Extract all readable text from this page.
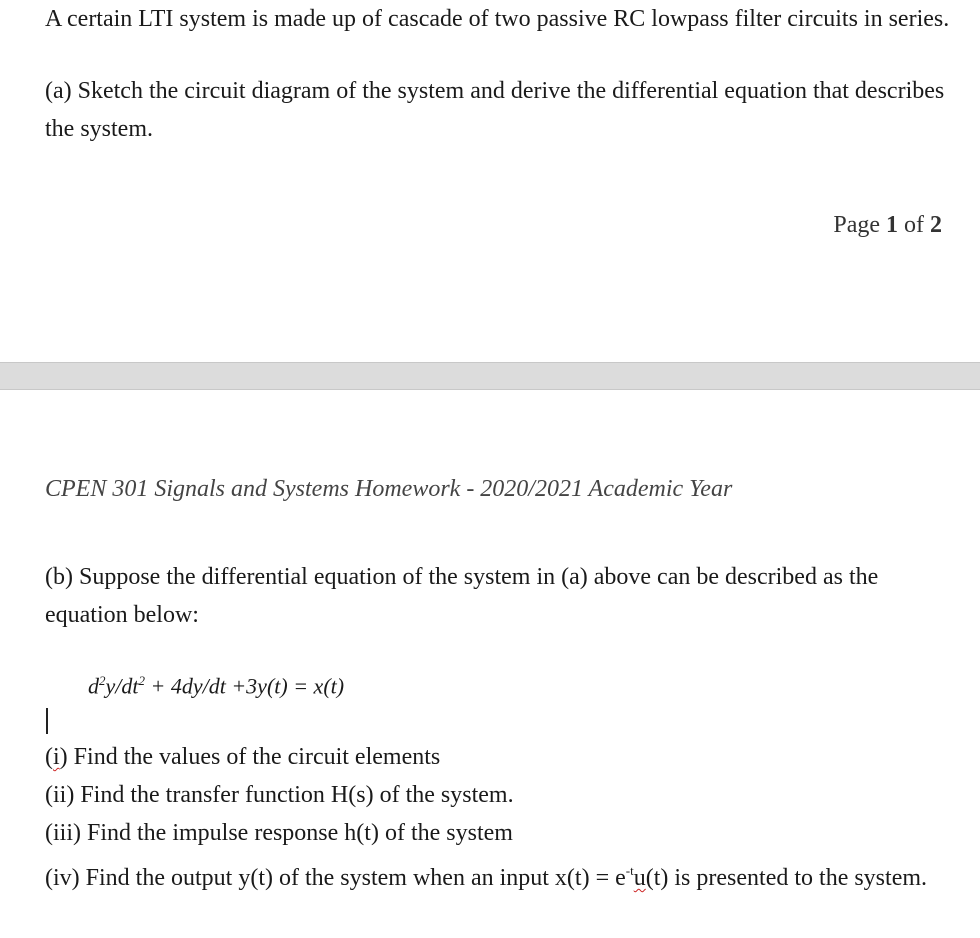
A certain LTI system is made up of cascade of two passive RC lowpass filter circuits in series.

(a) Sketch the circuit diagram of the system and derive the differential equation that describes the system.

Page 1 of 2
CPEN 301 Signals and Systems Homework - 2020/2021 Academic Year

(b) Suppose the differential equation of the system in (a) above can be described as the equation below:

$d^2y/dt^2 + 4dy/dt +3y(t) = x(t)$
(i) Find the values of the circuit elements
(ii) Find the transfer function H(s) of the system.
(iii) Find the impulse response h(t) of the system
(iv) Find the output y(t) of the system when an input $x(t) = e^{-t}u(t)$ is presented to the system.
